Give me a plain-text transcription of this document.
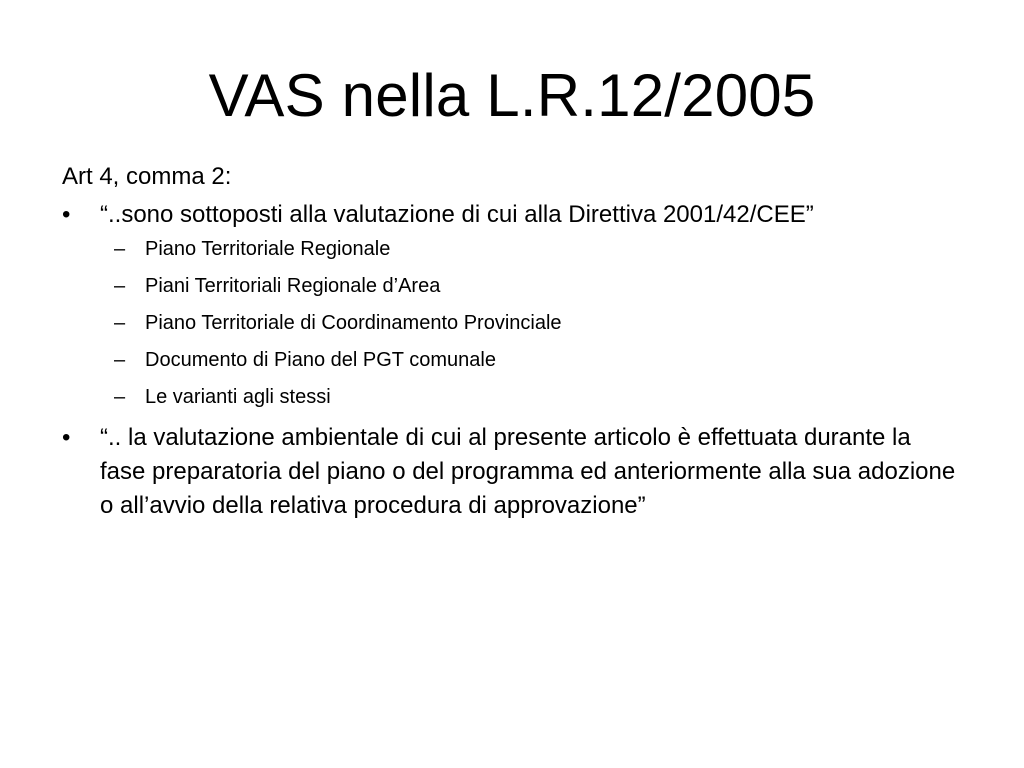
VAS nella L.R.12/2005
Art 4, comma 2:
•	“..sono sottoposti alla valutazione di cui alla Direttiva 2001/42/CEE”
– Piano Territoriale Regionale
– Piani Territoriali Regionale d’Area
– Piano Territoriale di Coordinamento Provinciale
– Documento di Piano del PGT comunale
– Le varianti agli stessi
•	“.. la valutazione ambientale di cui al presente articolo è effettuata durante la fase preparatoria del piano o del programma ed anteriormente alla sua adozione o all’avvio della relativa procedura di approvazione”
